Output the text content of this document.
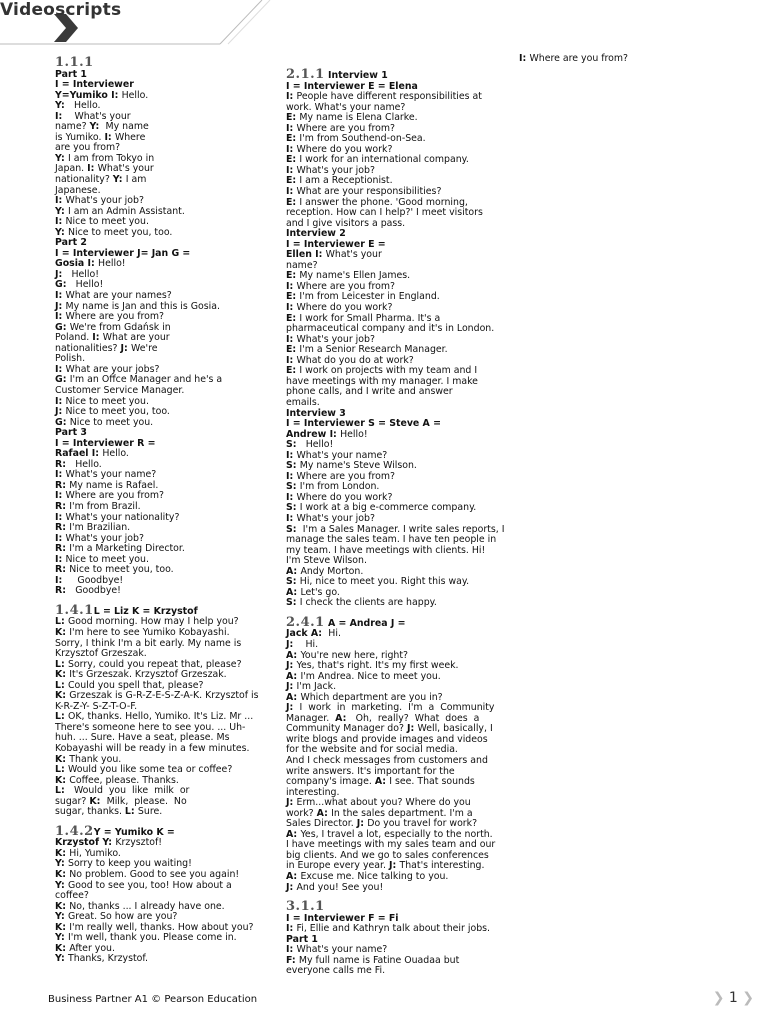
Videoscripts
1.1.1
Part 1
I = Interviewer
Y=Yumiko I: Hello.
Y:   Hello.
I:    What's your
name? Y:  My name
is Yumiko. I: Where
are you from?
Y: I am from Tokyo in
Japan. I: What's your
nationality? Y: I am
Japanese.
I: What's your job?
Y: I am an Admin Assistant.
I: Nice to meet you.
Y: Nice to meet you, too.
Part 2
I = Interviewer J= Jan G =
Gosia I: Hello!
J:   Hello!
G:   Hello!
I: What are your names?
J: My name is Jan and this is Gosia.
I: Where are you from?
G: We're from Gdańsk in
Poland. I: What are your
nationalities? J: We're
Polish.
I: What are your jobs?
G: I'm an Offce Manager and he's a
Customer Service Manager.
I: Nice to meet you.
J: Nice to meet you, too.
G: Nice to meet you.
Part 3
I = Interviewer R =
Rafael I: Hello.
R:   Hello.
I: What's your name?
R: My name is Rafael.
I: Where are you from?
R: I'm from Brazil.
I: What's your nationality?
R: I'm Brazilian.
I: What's your job?
R: I'm a Marketing Director.
I: Nice to meet you.
R: Nice to meet you, too.
I:     Goodbye!
R:   Goodbye!
1.4.1L = Liz K = Krzystof
L: Good morning. How may I help you?
K: I'm here to see Yumiko Kobayashi.
Sorry, I think I'm a bit early. My name is
Krzysztof Grzeszak.
L: Sorry, could you repeat that, please?
K: It's Grzeszak. Krzysztof Grzeszak.
L: Could you spell that, please?
K: Grzeszak is G-R-Z-E-S-Z-A-K. Krzysztof is
K-R-Z-Y- S-Z-T-O-F.
L: OK, thanks. Hello, Yumiko. It's Liz. Mr ...
There's someone here to see you. ... Uh-
huh. ... Sure. Have a seat, please. Ms
Kobayashi will be ready in a few minutes.
K: Thank you.
L: Would you like some tea or coffee?
K: Coffee, please. Thanks.
L:   Would  you  like  milk  or
sugar? K:  Milk,  please.  No
sugar, thanks. L: Sure.
1.4.2Y = Yumiko K =
Krzystof Y: Krzysztof!
K: Hi, Yumiko.
Y: Sorry to keep you waiting!
K: No problem. Good to see you again!
Y: Good to see you, too! How about a
coffee?
K: No, thanks ... I already have one.
Y: Great. So how are you?
K: I'm really well, thanks. How about you?
Y: I'm well, thank you. Please come in.
K: After you.
Y: Thanks, Krzystof.
2.1.1 Interview 1
I = Interviewer E = Elena
I: People have different responsibilities at
work. What's your name?
E: My name is Elena Clarke.
I: Where are you from?
E: I'm from Southend-on-Sea.
I: Where do you work?
E: I work for an international company.
I: What's your job?
E: I am a Receptionist.
I: What are your responsibilities?
E: I answer the phone. 'Good morning,
reception. How can I help?' I meet visitors
and I give visitors a pass.
Interview 2
I = Interviewer E =
Ellen I: What's your
name?
E: My name's Ellen James.
I: Where are you from?
E: I'm from Leicester in England.
I: Where do you work?
E: I work for Small Pharma. It's a
pharmaceutical company and it's in London.
I: What's your job?
E: I'm a Senior Research Manager.
I: What do you do at work?
E: I work on projects with my team and I
have meetings with my manager. I make
phone calls, and I write and answer
emails.
Interview 3
I = Interviewer S = Steve A =
Andrew I: Hello!
S:   Hello!
I: What's your name?
S: My name's Steve Wilson.
I: Where are you from?
S: I'm from London.
I: Where do you work?
S: I work at a big e-commerce company.
I: What's your job?
S:  I'm a Sales Manager. I write sales reports, I
manage the sales team. I have ten people in
my team. I have meetings with clients. Hi!
I'm Steve Wilson.
A: Andy Morton.
S: Hi, nice to meet you. Right this way.
A: Let's go.
S: I check the clients are happy.
2.4.1 A = Andrea J =
Jack A:  Hi.
J:    Hi.
A: You're new here, right?
J: Yes, that's right. It's my first week.
A: I'm Andrea. Nice to meet you.
J: I'm Jack.
A: Which department are you in?
J:  I  work  in  marketing.  I'm  a  Community
Manager.  A:   Oh,  really?  What  does  a
Community Manager do? J: Well, basically, I
write blogs and provide images and videos
for the website and for social media.
And I check messages from customers and
write answers. It's important for the
company's image. A: I see. That sounds
interesting.
J: Erm...what about you? Where do you
work? A: In the sales department. I'm a
Sales Director. J: Do you travel for work?
A: Yes, I travel a lot, especially to the north.
I have meetings with my sales team and our
big clients. And we go to sales conferences
in Europe every year. J: That's interesting.
A: Excuse me. Nice talking to you.
J: And you! See you!
3.1.1
I = Interviewer F = Fi
I: Fi, Ellie and Kathryn talk about their jobs.
Part 1
I: What's your name?
F: My full name is Fatine Ouadaa but
everyone calls me Fi.
I: Where are you from?
Business Partner A1 © Pearson Education	❯ 1 ❯
